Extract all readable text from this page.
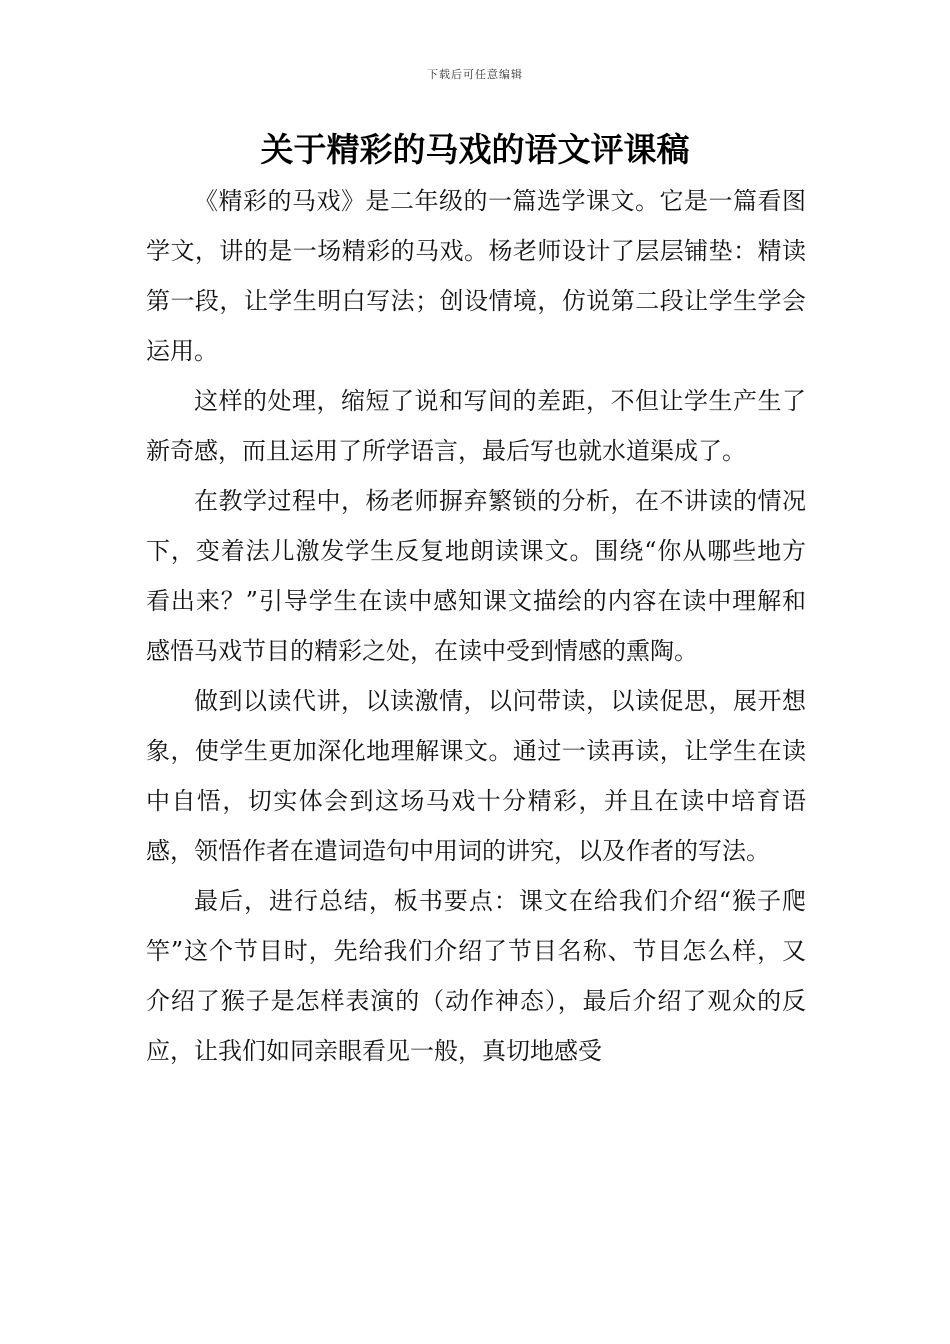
下载后可任意编辑
关于精彩的马戏的语文评课稿

《精彩的马戏》是二年级的一篇选学课文。它是一篇看图学文，讲的是一场精彩的马戏。杨老师设计了层层铺垫：精读第一段，让学生明白写法；创设情境，仿说第二段让学生学会运用。

这样的处理，缩短了说和写间的差距，不但让学生产生了新奇感，而且运用了所学语言，最后写也就水道渠成了。

在教学过程中，杨老师摒弃繁锁的分析，在不讲读的情况下，变着法儿激发学生反复地朗读课文。围绕“你从哪些地方看出来？”引导学生在读中感知课文描绘的内容在读中理解和感悟马戏节目的精彩之处，在读中受到情感的熏陶。

做到以读代讲，以读激情，以问带读，以读促思，展开想象，使学生更加深化地理解课文。通过一读再读，让学生在读中自悟，切实体会到这场马戏十分精彩，并且在读中培育语感，领悟作者在遣词造句中用词的讲究，以及作者的写法。

最后，进行总结，板书要点：课文在给我们介绍“猴子爬竿”这个节目时，先给我们介绍了节目名称、节目怎么样，又介绍了猴子是怎样表演的（动作神态），最后介绍了观众的反应，让我们如同亲眼看见一般，真切地感受
